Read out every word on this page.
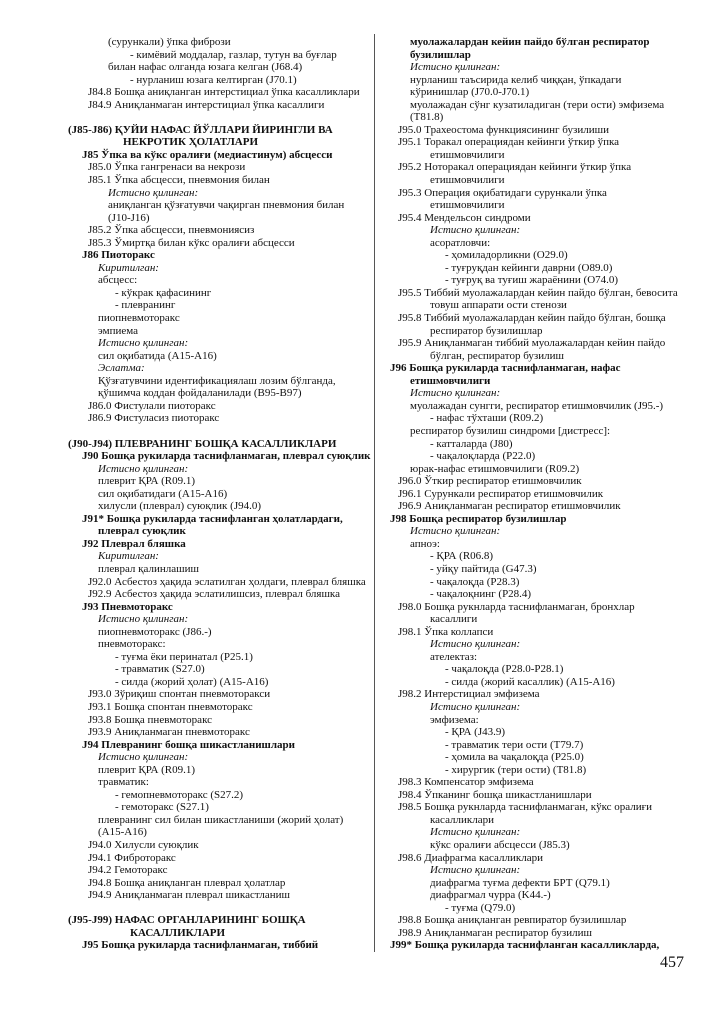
(сурункали) ўпка фибрози
- кимёвий моддалар, газлар, тутун ва буғлар
билан нафас олганда юзага келган (J68.4)
- нурланиш юзага келтирган (J70.1)
J84.8 Бошқа аниқланган интерстициал ўпка касалликлари
J84.9 Аниқланмаган интерстициал ўпка касаллиги
(J85-J86) ҚУЙИ НАФАС ЙЎЛЛАРИ ЙИРИНГЛИ ВА
НЕКРОТИК ҲОЛАТЛАРИ
J85 Ўпка ва кўкс оралиғи (медиастинум) абсцесси
J85.0 Ўпка гангренаси ва некрози
J85.1 Ўпка абсцесси, пневмония билан
Истисно қилинган:
аниқланган қўзғатувчи чақирган пневмония билан
(J10-J16)
J85.2 Ўпка абсцесси, пневмониясиз
J85.3 Ўмиртқа билан кўкс оралиғи абсцесси
J86 Пиоторакс
Киритилган:
абсцесс:
- кўкрак қафасининг
- плевранинг
пиопневмоторакс
эмпиема
Истисно қилинган:
сил оқибатида (A15-A16)
Эслатма:
Қўзғатувчини идентификациялаш лозим бўлганда,
қўшимча коддан фойдаланилади (B95-B97)
J86.0 Фистулали пиоторакс
J86.9 Фистуласиз пиоторакс
(J90-J94) ПЛЕВРАНИНГ БОШҚА КАСАЛЛИКЛАРИ
J90 Бошқа рукиларда таснифланмаган, плеврал суюқлик
Истисно қилинган:
плеврит ҚРА (R09.1)
сил оқибатидаги (A15-A16)
хилусли (плеврал) суюқлик (J94.0)
J91* Бошқа рукиларда таснифланган ҳолатлардаги,
плеврал суюқлик
J92 Плеврал бляшка
Киритилган:
плеврал қалинлашиш
J92.0 Асбестоз ҳақида эслатилган ҳолдаги, плеврал бляшка
J92.9 Асбестоз ҳақида эслатилишсиз, плеврал бляшка
J93 Пневмоторакс
Истисно қилинган:
пиопневмоторакс (J86.-)
пневмоторакс:
- туғма ёки перинатал (P25.1)
- травматик (S27.0)
- силда (жорий ҳолат) (A15-A16)
J93.0 Зўриқиш спонтан пневмоторакси
J93.1 Бошқа спонтан пневмоторакс
J93.8 Бошқа пневмоторакс
J93.9 Аниқланмаган пневмоторакс
J94 Плевранинг бошқа шикастланишлари
Истисно қилинган:
плеврит ҚРА (R09.1)
травматик:
- гемопневмоторакс (S27.2)
- гемоторакс (S27.1)
плевранинг сил билан шикастланиши (жорий ҳолат)
(A15-A16)
J94.0 Хилусли суюқлик
J94.1 Фиброторакс
J94.2 Гемоторакс
J94.8 Бошқа аниқланган плеврал ҳолатлар
J94.9 Аниқланмаган плеврал шикастланиш
(J95-J99) НАФАС ОРГАНЛАРИНИНГ БОШҚА
КАСАЛЛИКЛАРИ
J95 Бошқа рукиларда таснифланмаган, тиббий
муолажалардан кейин пайдо бўлган респиратор
бузилишлар
Истисно қилинган:
нурланиш таъсирида келиб чиққан, ўпкадаги
кўринишлар (J70.0-J70.1)
муолажадан сўнг кузатиладиган (тери ости) эмфизема
(T81.8)
J95.0 Трахеостома функциясининг бузилиши
J95.1 Торакал операциядан кейинги ўткир ўпка
етишмовчилиги
J95.2 Ноторакал операциядан кейинги ўткир ўпка
етишмовчилиги
J95.3 Операция оқибатидаги сурункали ўпка
етишмовчилиги
J95.4 Мендельсон синдроми
Истисно қилинган:
асоратловчи:
- ҳомиладорликни (O29.0)
- туғруқдан кейинги даврни (O89.0)
- туғруқ ва туғиш жараёнини (O74.0)
J95.5 Тиббий муолажалардан кейин пайдо бўлган, бевосита
товуш аппарати ости стенози
J95.8 Тиббий муолажалардан кейин пайдо бўлган, бошқа
респиратор бузилишлар
J95.9 Аниқланмаган тиббий муолажалардан кейин пайдо
бўлган, респиратор бузилиш
J96 Бошқа рукиларда таснифланмаган, нафас
етишмовчилиги
Истисно қилинган:
муолажадан сунгги, респиратор етишмовчилик (J95.-)
- нафас тўхташи (R09.2)
респиратор бузилиш синдроми [дистресс]:
- катталарда (J80)
- чақалоқларда (P22.0)
юрак-нафас етишмовчилиги (R09.2)
J96.0 Ўткир респиратор етишмовчилик
J96.1 Сурункали респиратор етишмовчилик
J96.9 Аниқланмаган респиратор етишмовчилик
J98 Бошқа респиратор бузилишлар
Истисно қилинган:
апноэ:
- ҚРА (R06.8)
- уйқу пайтида (G47.3)
- чақалоқда (P28.3)
- чақалоқнинг (P28.4)
J98.0 Бошқа рукнларда таснифланмаган, бронхлар
касаллиги
J98.1 Ўпка коллапси
Истисно қилинган:
ателектаз:
- чақалоқда (P28.0-P28.1)
- силда (жорий касаллик) (A15-A16)
J98.2 Интерстициал эмфизема
Истисно қилинган:
эмфизема:
- ҚРА (J43.9)
- травматик тери ости (T79.7)
- ҳомила ва чақалоқда (P25.0)
- хирургик (тери ости) (T81.8)
J98.3 Компенсатор эмфизема
J98.4 Ўпканинг бошқа шикастланишлари
J98.5 Бошқа рукнларда таснифланмаган, кўкс оралиғи
касалликлари
Истисно қилинган:
кўкс оралиғи абсцесси (J85.3)
J98.6 Диафрагма касалликлари
Истисно қилинган:
диафрагма туғма дефекти БРТ (Q79.1)
диафрагмал чурра (K44.-)
- туғма (Q79.0)
J98.8 Бошқа аниқланган ревпиратор бузилишлар
J98.9 Аниқланмаган респиратор бузилиш
J99* Бошқа рукиларда таснифланган касалликларда,
457
